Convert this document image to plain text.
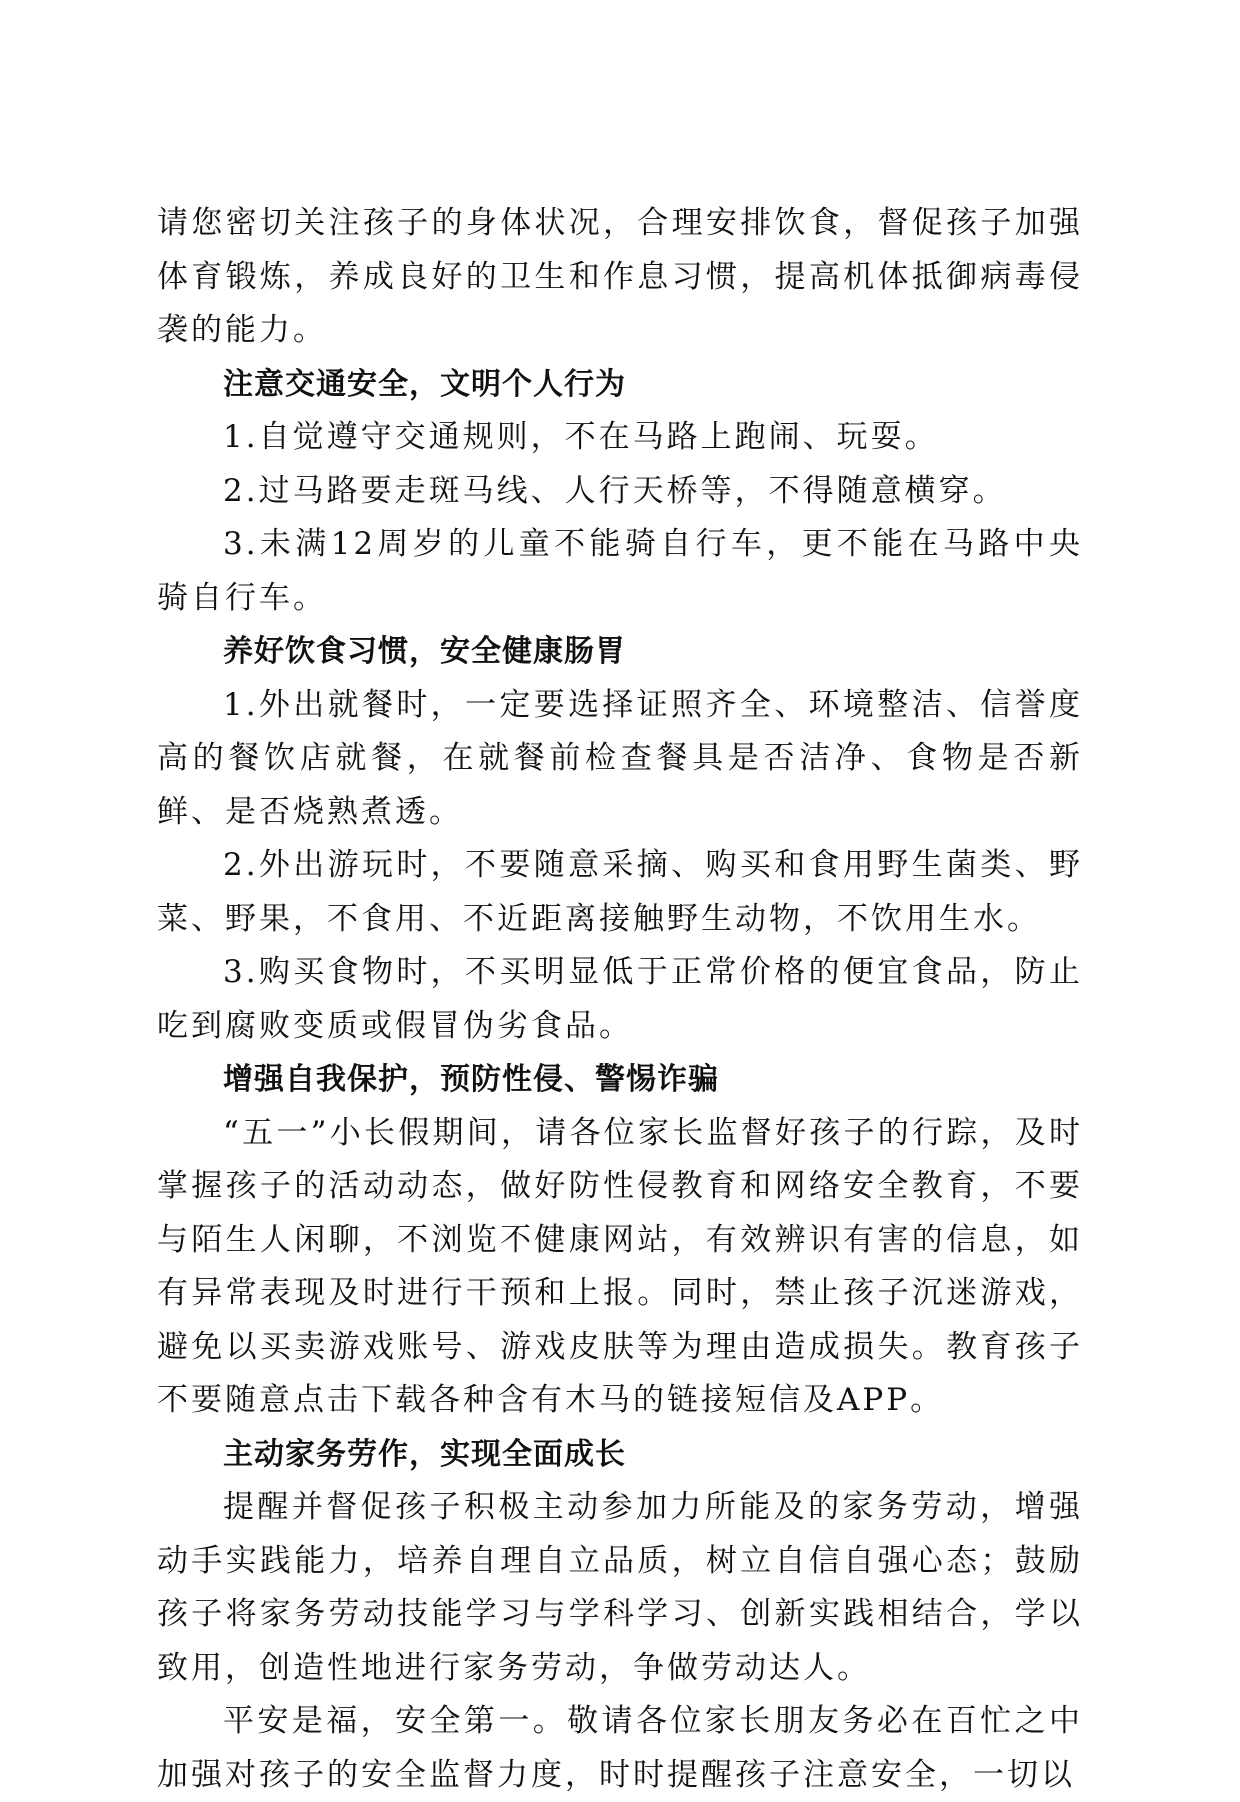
请您密切关注孩子的身体状况，合理安排饮食，督促孩子加强体育锻炼，养成良好的卫生和作息习惯，提高机体抵御病毒侵袭的能力。

注意交通安全，文明个人行为

1.自觉遵守交通规则，不在马路上跑闹、玩耍。

2.过马路要走斑马线、人行天桥等，不得随意横穿。

3.未满12周岁的儿童不能骑自行车，更不能在马路中央骑自行车。

养好饮食习惯，安全健康肠胃

1.外出就餐时，一定要选择证照齐全、环境整洁、信誉度高的餐饮店就餐，在就餐前检查餐具是否洁净、食物是否新鲜、是否烧熟煮透。

2.外出游玩时，不要随意采摘、购买和食用野生菌类、野菜、野果，不食用、不近距离接触野生动物，不饮用生水。

3.购买食物时，不买明显低于正常价格的便宜食品，防止吃到腐败变质或假冒伪劣食品。

增强自我保护，预防性侵、警惕诈骗

“五一”小长假期间，请各位家长监督好孩子的行踪，及时掌握孩子的活动动态，做好防性侵教育和网络安全教育，不要与陌生人闲聊，不浏览不健康网站，有效辨识有害的信息，如有异常表现及时进行干预和上报。同时，禁止孩子沉迷游戏，避免以买卖游戏账号、游戏皮肤等为理由造成损失。教育孩子不要随意点击下载各种含有木马的链接短信及APP。

主动家务劳作，实现全面成长

提醒并督促孩子积极主动参加力所能及的家务劳动，增强动手实践能力，培养自理自立品质，树立自信自强心态；鼓励孩子将家务劳动技能学习与学科学习、创新实践相结合，学以致用，创造性地进行家务劳动，争做劳动达人。

平安是福，安全第一。敬请各位家长朋友务必在百忙之中加强对孩子的安全监督力度，时时提醒孩子注意安全，一切以
